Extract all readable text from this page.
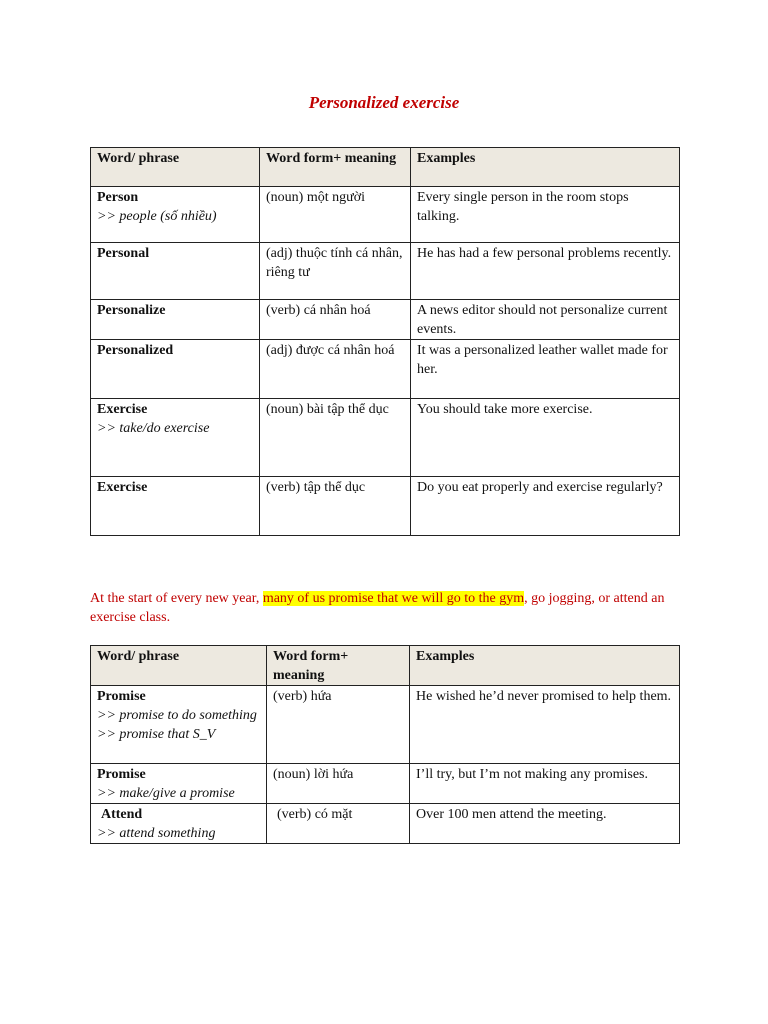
Personalized exercise
Word/ phrase	Word form+ meaning	Examples

Person
>> people (số nhiều)	(noun) một người	Every single person in the room stops talking.

Personal	(adj) thuộc tính cá nhân, riêng tư	He has had a few personal problems recently.

Personalize	(verb) cá nhân hoá	A news editor should not personalize current events.

Personalized	(adj) được cá nhân hoá	It was a personalized leather wallet made for her.

Exercise
>> take/do exercise	(noun) bài tập thể dục	You should take more exercise.

Exercise	(verb) tập thể dục	Do you eat properly and exercise regularly?
At the start of every new year, many of us promise that we will go to the gym, go jogging, or attend an exercise class.
Word/ phrase	Word form+ meaning	Examples

Promise
>> promise to do something
>> promise that S_V	(verb) hứa	He wished he’d never promised to help them.

Promise
>> make/give a promise	(noun) lời hứa	I’ll try, but I’m not making any promises.

Attend
>> attend something	(verb) có mặt	Over 100 men attend the meeting.
